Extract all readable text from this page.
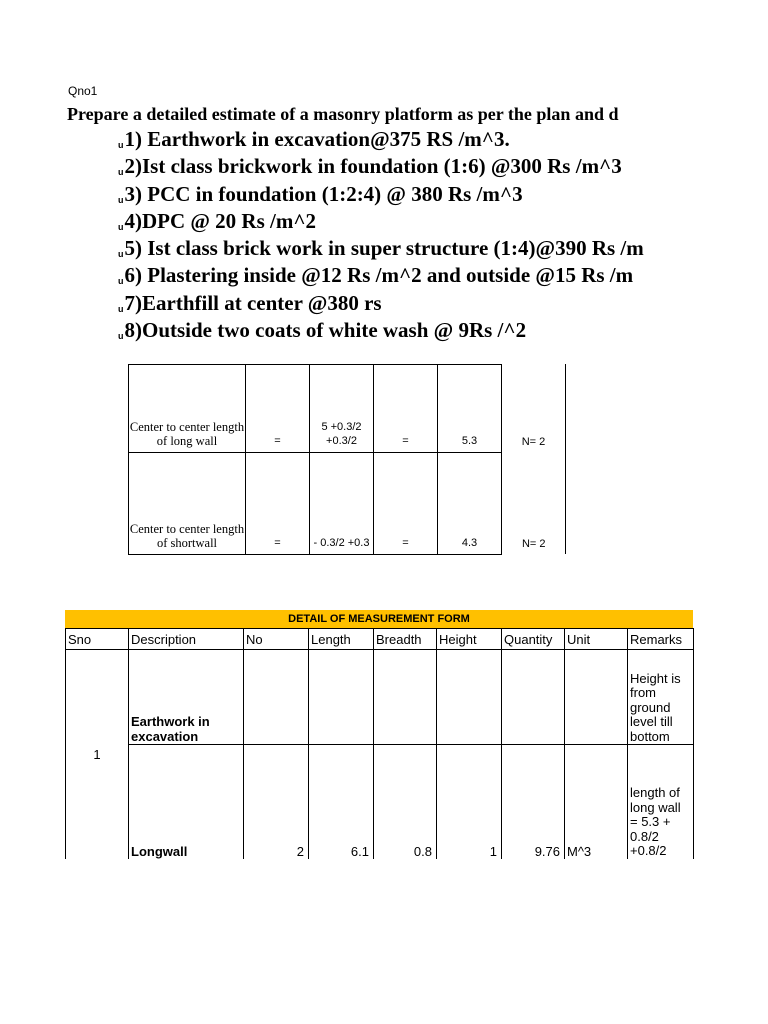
Qno1
Prepare a detailed estimate of a masonry platform as per the plan and d
u1) Earthwork in excavation@375 RS /m^3.
u2)Ist class brickwork in foundation (1:6) @300 Rs /m^3
u3) PCC in foundation (1:2:4) @ 380 Rs /m^3
u4)DPC @ 20 Rs /m^2
u5) Ist class brick work in super structure (1:4)@390 Rs /m
u6) Plastering inside @12 Rs /m^2 and outside @15 Rs /m
u7)Earthfill at center @380 rs
u8)Outside two coats of white wash @ 9Rs /^2
Center to center length of long wall	=	5 +0.3/2 +0.3/2	=	5.3	N= 2
Center to center length of shortwall	=	- 0.3/2 +0.3	=	4.3	N= 2
DETAIL OF MEASUREMENT FORM
Sno	Description	No	Length	Breadth	Height	Quantity	Unit	Remarks
1	Earthwork in excavation							Height is from ground level till bottom
	Longwall	2	6.1	0.8	1	9.76	M^3	length of long wall = 5.3 + 0.8/2 +0.8/2
